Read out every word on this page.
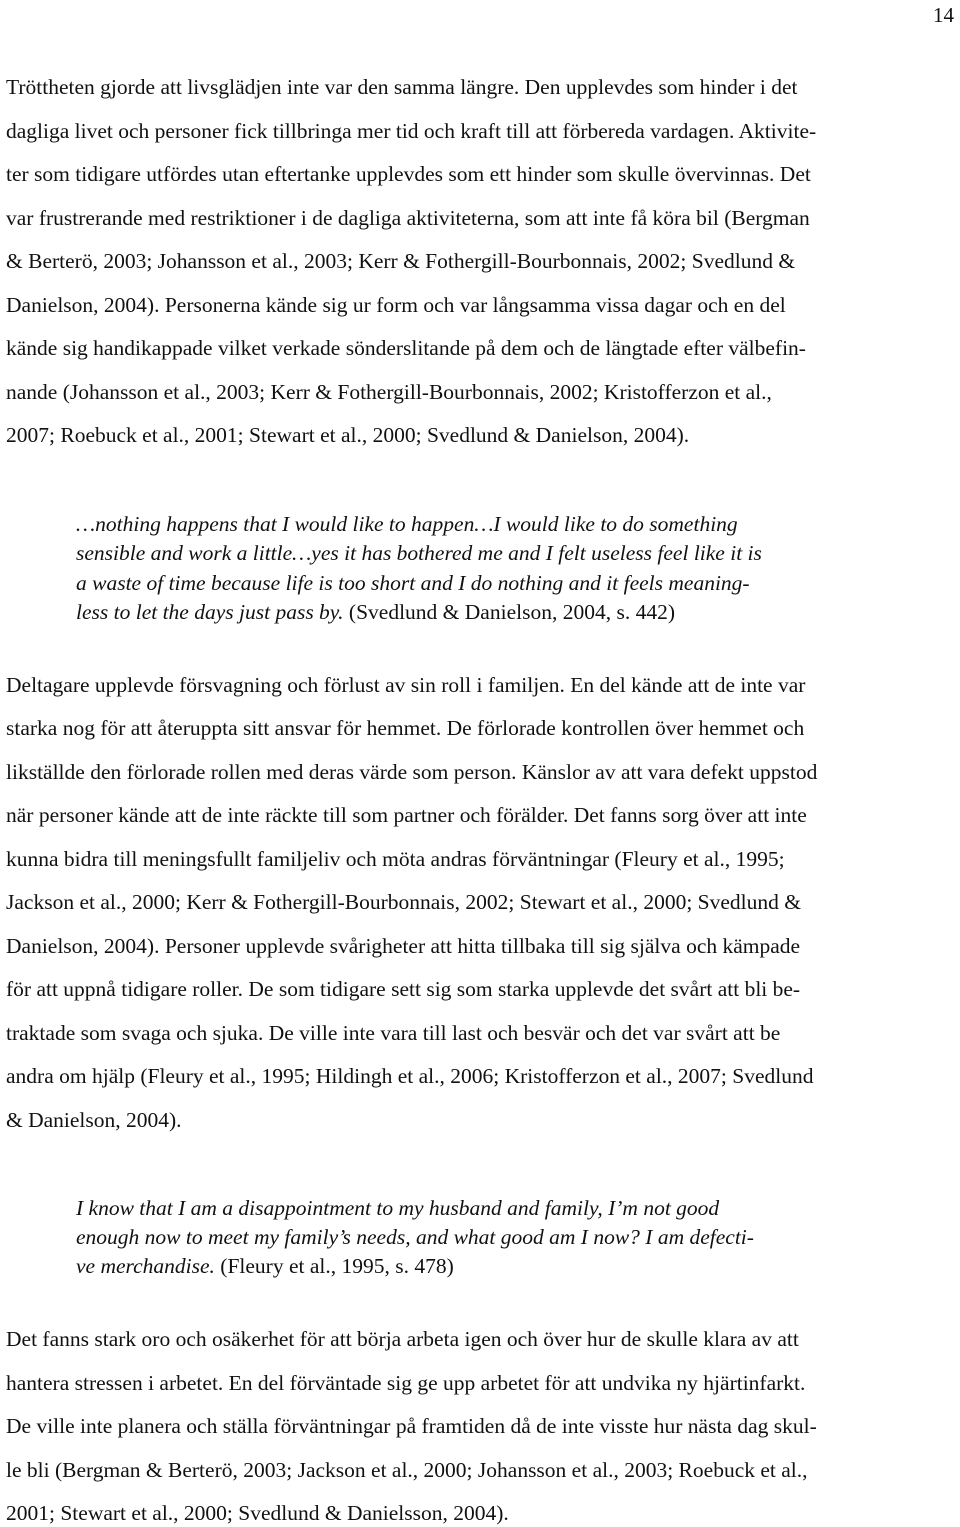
14

Tröttheten gjorde att livsglädjen inte var den samma längre. Den upplevdes som hinder i det

dagliga livet och personer fick tillbringa mer tid och kraft till att förbereda vardagen. Aktivite-

ter som tidigare utfördes utan eftertanke upplevdes som ett hinder som skulle övervinnas. Det

var frustrerande med restriktioner i de dagliga aktiviteterna, som att inte få köra bil (Bergman

& Berterö, 2003; Johansson et al., 2003; Kerr & Fothergill-Bourbonnais, 2002; Svedlund &

Danielson, 2004). Personerna kände sig ur form och var långsamma vissa dagar och en del

kände sig handikappade vilket verkade sönderslitande på dem och de längtade efter välbefin-

nande (Johansson et al., 2003; Kerr & Fothergill-Bourbonnais, 2002; Kristofferzon et al.,

2007; Roebuck et al., 2001; Stewart et al., 2000; Svedlund & Danielson, 2004).

…nothing happens that I would like to happen…I would like to do something

sensible and work a little…yes it has bothered me and I felt useless feel like it is

a waste of time because life is too short and I do nothing and it feels meaning-

less to let the days just pass by. (Svedlund & Danielson, 2004, s. 442)

Deltagare upplevde försvagning och förlust av sin roll i familjen. En del kände att de inte var

starka nog för att återuppta sitt ansvar för hemmet. De förlorade kontrollen över hemmet och

likställde den förlorade rollen med deras värde som person. Känslor av att vara defekt uppstod

när personer kände att de inte räckte till som partner och förälder. Det fanns sorg över att inte

kunna bidra till meningsfullt familjeliv och möta andras förväntningar (Fleury et al., 1995;

Jackson et al., 2000; Kerr & Fothergill-Bourbonnais, 2002; Stewart et al., 2000; Svedlund &

Danielson, 2004). Personer upplevde svårigheter att hitta tillbaka till sig själva och kämpade

för att uppnå tidigare roller. De som tidigare sett sig som starka upplevde det svårt att bli be-

traktade som svaga och sjuka. De ville inte vara till last och besvär och det var svårt att be

andra om hjälp (Fleury et al., 1995; Hildingh et al., 2006; Kristofferzon et al., 2007; Svedlund

& Danielson, 2004).

I know that I am a disappointment to my husband and family, I’m not good

enough now to meet my family’s needs, and what good am I now? I am defecti-

ve merchandise. (Fleury et al., 1995, s. 478)

Det fanns stark oro och osäkerhet för att börja arbeta igen och över hur de skulle klara av att

hantera stressen i arbetet. En del förväntade sig ge upp arbetet för att undvika ny hjärtinfarkt.

De ville inte planera och ställa förväntningar på framtiden då de inte visste hur nästa dag skul-

le bli (Bergman & Berterö, 2003; Jackson et al., 2000; Johansson et al., 2003; Roebuck et al.,

2001; Stewart et al., 2000; Svedlund & Danielsson, 2004).
